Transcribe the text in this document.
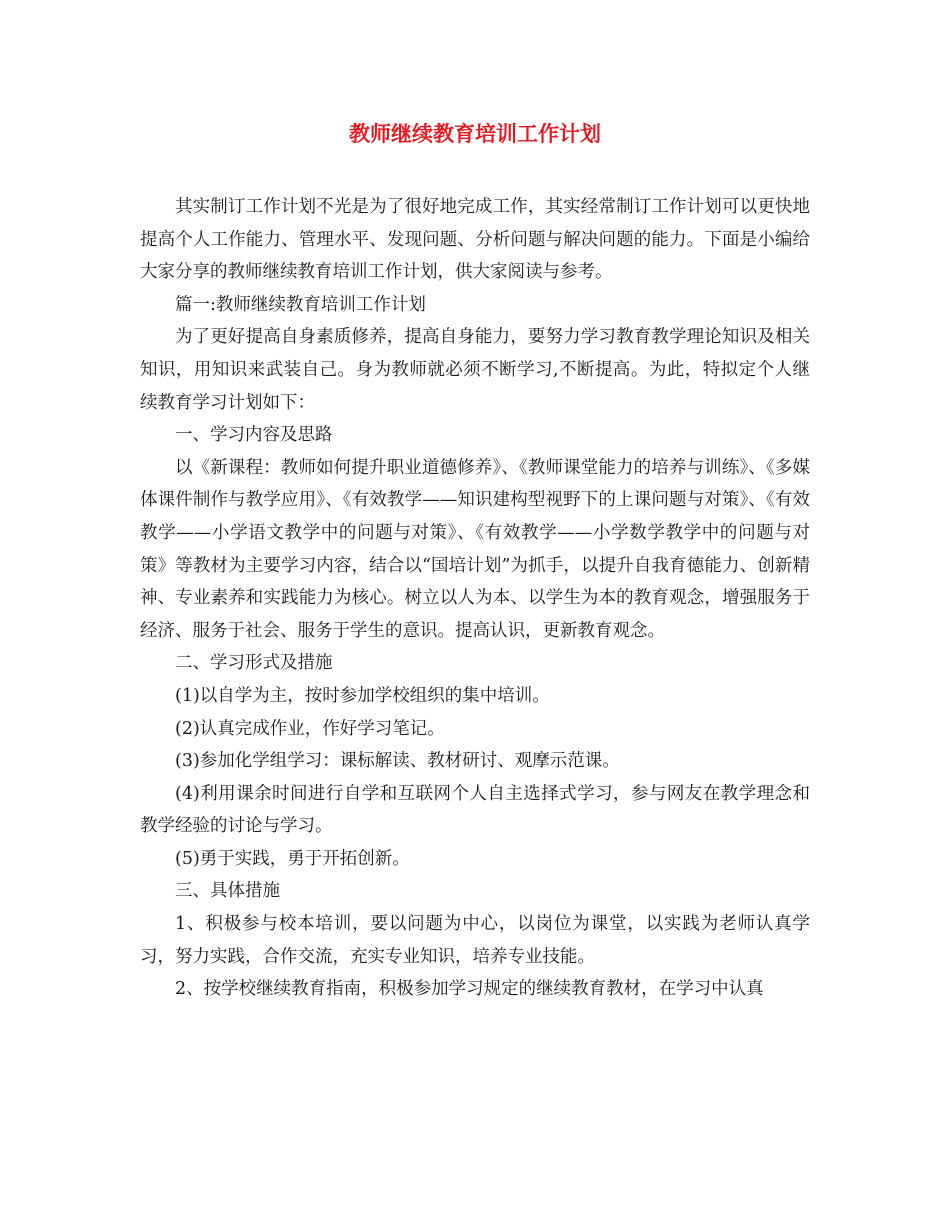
教师继续教育培训工作计划

其实制订工作计划不光是为了很好地完成工作，其实经常制订工作计划可以更快地提高个人工作能力、管理水平、发现问题、分析问题与解决问题的能力。下面是小编给大家分享的教师继续教育培训工作计划，供大家阅读与参考。

篇一:教师继续教育培训工作计划

为了更好提高自身素质修养，提高自身能力，要努力学习教育教学理论知识及相关知识，用知识来武装自己。身为教师就必须不断学习,不断提高。为此，特拟定个人继续教育学习计划如下：

一、学习内容及思路

以《新课程：教师如何提升职业道德修养》、《教师课堂能力的培养与训练》、《多媒体课件制作与教学应用》、《有效教学——知识建构型视野下的上课问题与对策》、《有效教学——小学语文教学中的问题与对策》、《有效教学——小学数学教学中的问题与对策》等教材为主要学习内容，结合以“国培计划”为抓手，以提升自我育德能力、创新精神、专业素养和实践能力为核心。树立以人为本、以学生为本的教育观念，增强服务于经济、服务于社会、服务于学生的意识。提高认识，更新教育观念。

二、学习形式及措施

(1)以自学为主，按时参加学校组织的集中培训。

(2)认真完成作业，作好学习笔记。

(3)参加化学组学习：课标解读、教材研讨、观摩示范课。

(4)利用课余时间进行自学和互联网个人自主选择式学习，参与网友在教学理念和教学经验的讨论与学习。

(5)勇于实践，勇于开拓创新。

三、具体措施

1、积极参与校本培训，要以问题为中心，以岗位为课堂，以实践为老师认真学习，努力实践，合作交流，充实专业知识，培养专业技能。

2、按学校继续教育指南，积极参加学习规定的继续教育教材，在学习中认真
